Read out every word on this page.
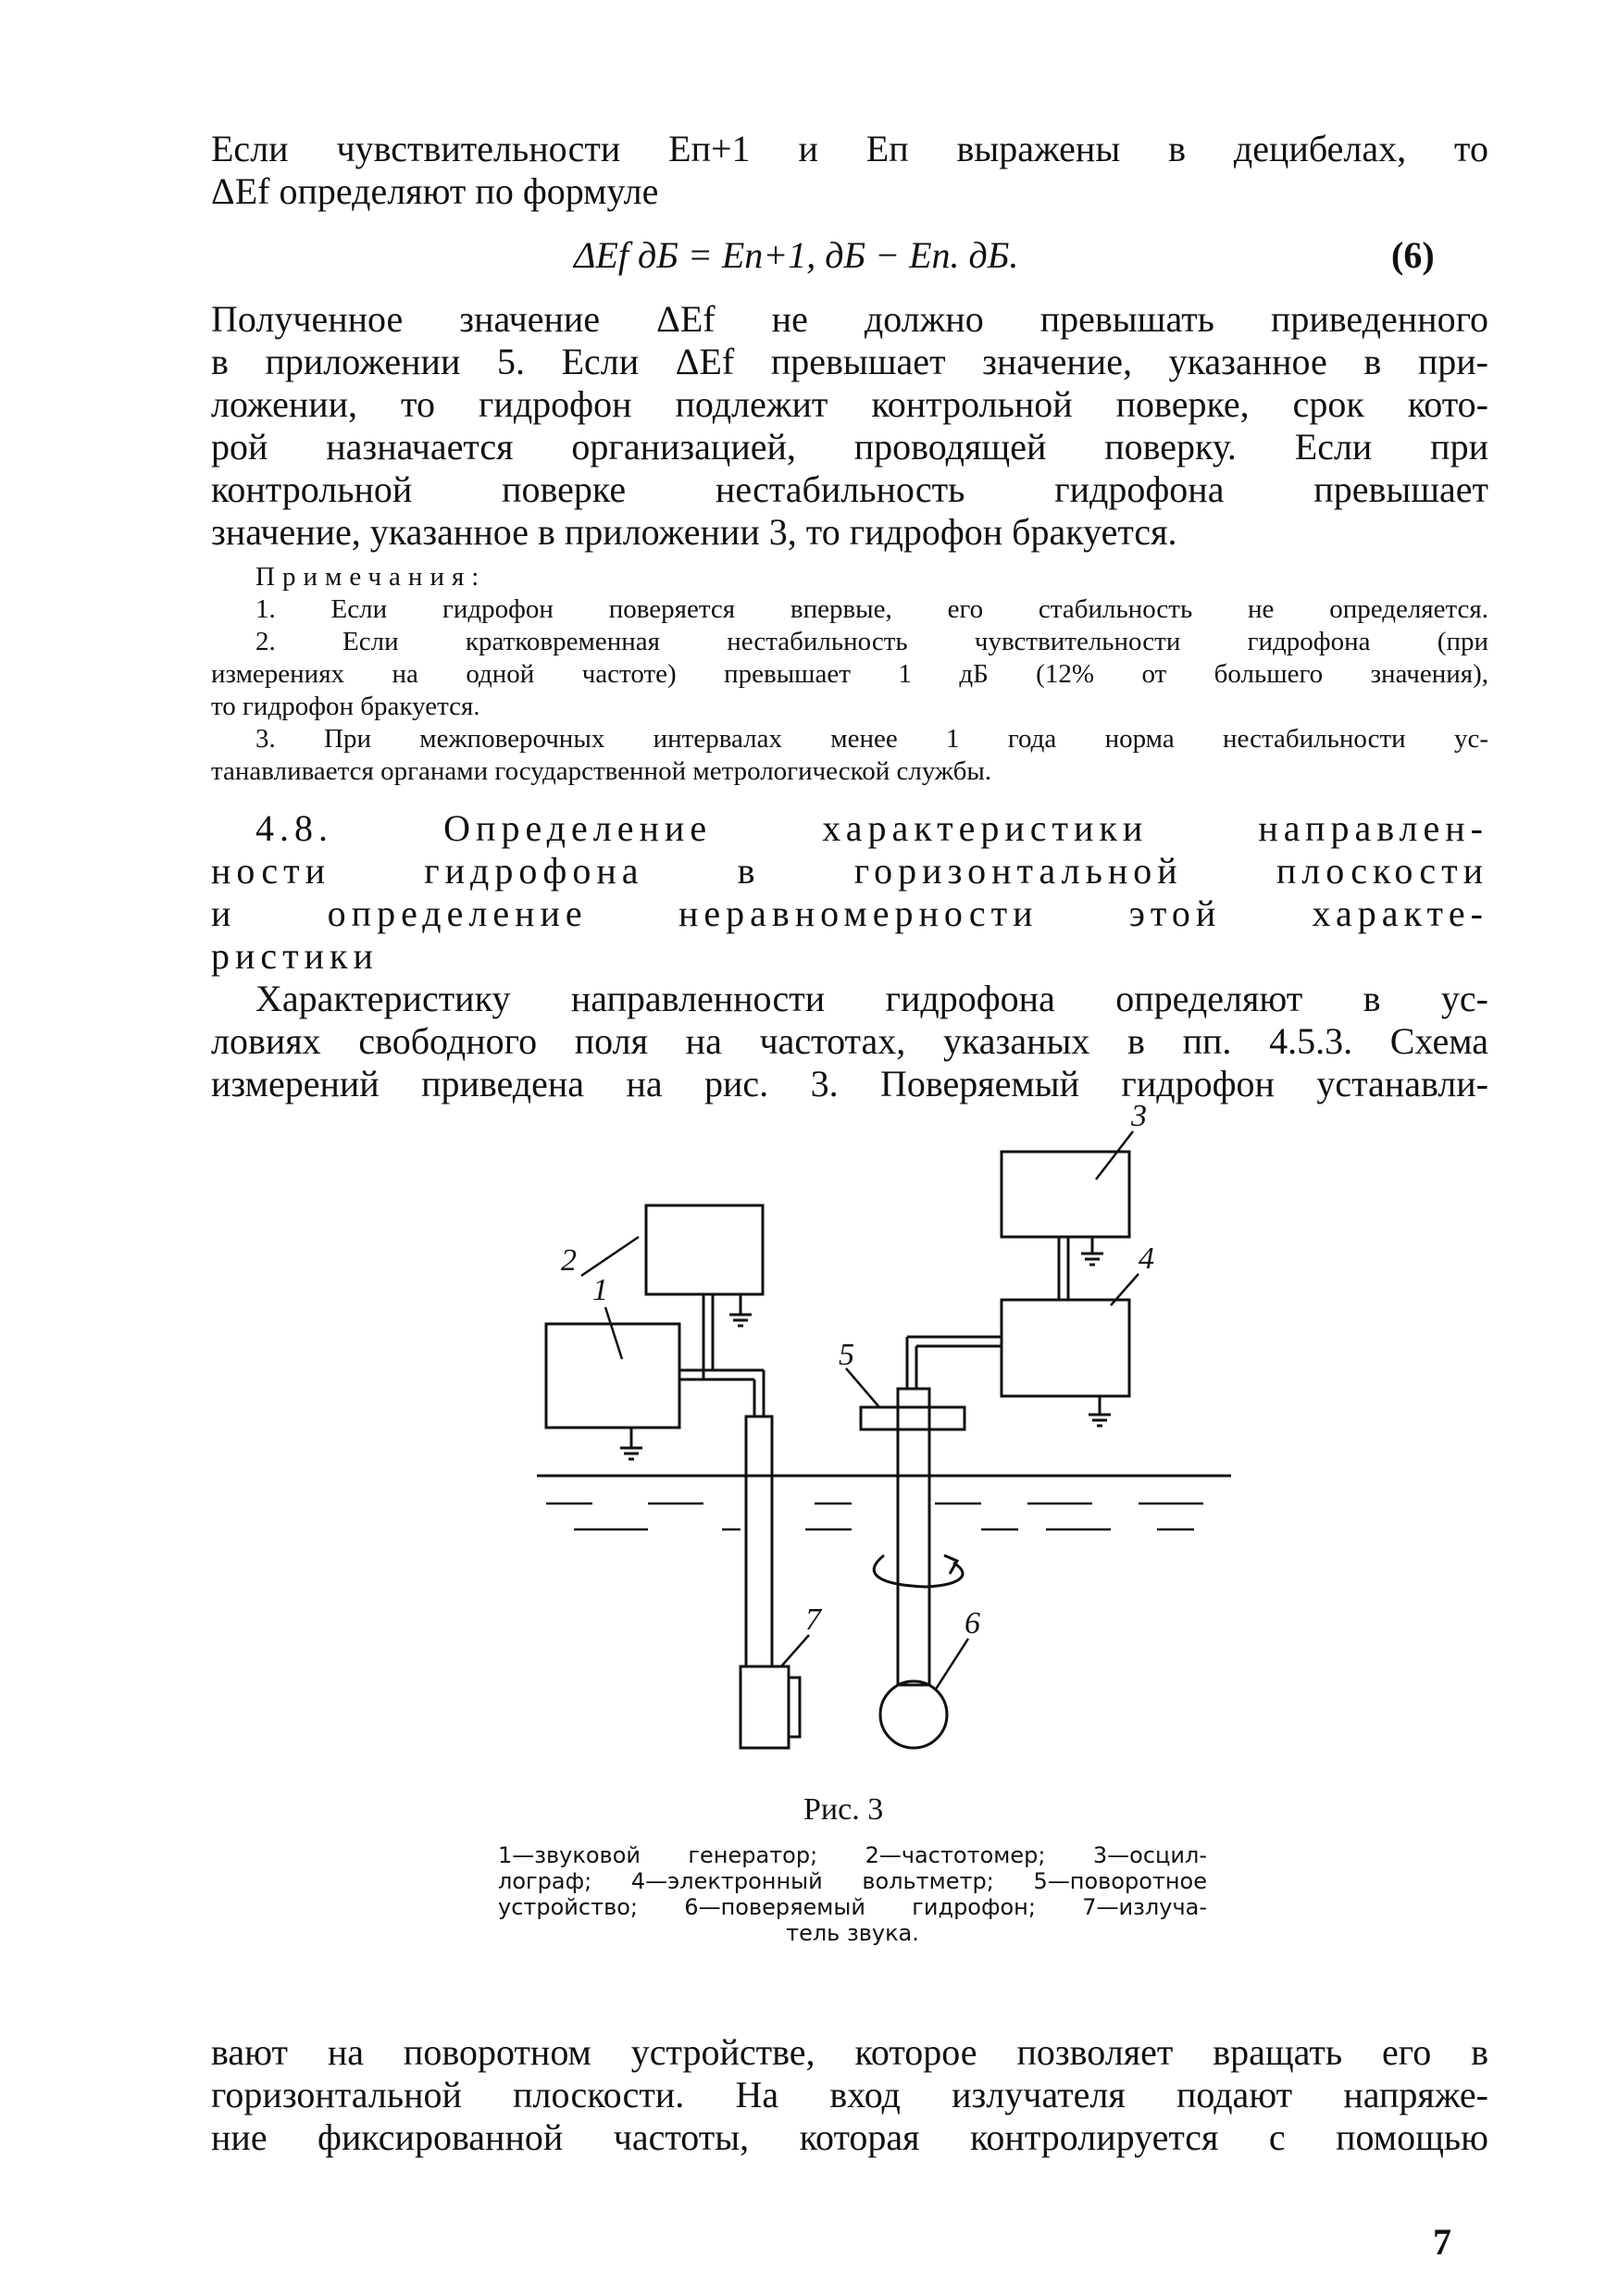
Если чувствительности Eп+1 и Eп выражены в децибелах, то
ΔEf определяют по формуле
ΔEf дБ = Eп+1, дБ − Eп. дБ.	(6)
Полученное значение ΔEf не должно превышать приведенного
в приложении 5. Если ΔEf превышает значение, указанное в при-
ложении, то гидрофон подлежит контрольной поверке, срок кото-
рой назначается организацией, проводящей поверку. Если при
контрольной поверке нестабильность гидрофона превышает
значение, указанное в приложении 3, то гидрофон бракуется.
Примечания:
1. Если гидрофон поверяется впервые, его стабильность не определяется.
2. Если кратковременная нестабильность чувствительности гидрофона (при
измерениях на одной частоте) превышает 1 дБ (12% от большего значения),
то гидрофон бракуется.
3. При межповерочных интервалах менее 1 года норма нестабильности ус-
танавливается органами государственной метрологической службы.
4.8. Определение характеристики направлен-
ности гидрофона в горизонтальной плоскости
и определение неравномерности этой характе-
ристики
Характеристику направленности гидрофона определяют в ус-
ловиях свободного поля на частотах, указаных в пп. 4.5.3. Схема
измерений приведена на рис. 3. Поверяемый гидрофон устанавли-
2
1
3
4
5
6
7
Рис. 3
1—звуковой генератор; 2—частотомер; 3—осцил-
лограф; 4—электронный вольтметр; 5—поворотное
устройство; 6—поверяемый гидрофон; 7—излуча-
тель звука.
вают на поворотном устройстве, которое позволяет вращать его в
горизонтальной плоскости. На вход излучателя подают напряже-
ние фиксированной частоты, которая контролируется с помощью
7
